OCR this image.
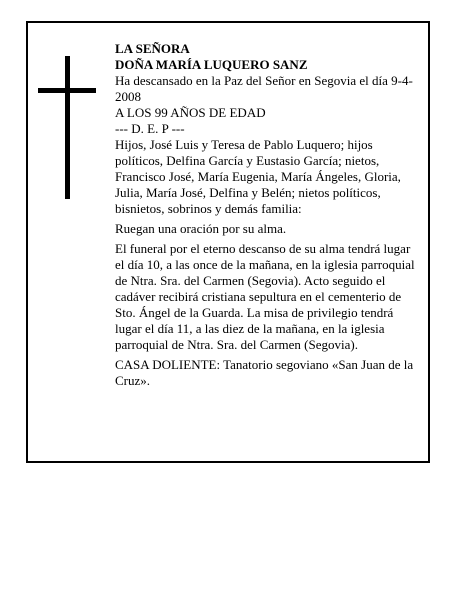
LA SEÑORA

DOÑA MARÍA LUQUERO SANZ

Ha descansado en la Paz del Señor en Segovia el día 9-4-2008

A LOS 99 AÑOS DE EDAD

--- D. E. P ---

Hijos, José Luis y Teresa de Pablo Luquero; hijos políticos, Delfina García y Eustasio García; nietos, Francisco José, María Eugenia, María Ángeles, Gloria, Julia, María José, Delfina y Belén; nietos políticos, bisnietos, sobrinos y demás familia:

Ruegan una oración por su alma.

El funeral por el eterno descanso de su alma tendrá lugar el día 10, a las once de la mañana, en la iglesia parroquial de Ntra. Sra. del Carmen (Segovia). Acto seguido el cadáver recibirá cristiana sepultura en el cementerio de Sto. Ángel de la Guarda. La misa de privilegio tendrá lugar el día 11, a las diez de la mañana, en la iglesia parroquial de Ntra. Sra. del Carmen (Segovia).

CASA DOLIENTE: Tanatorio segoviano «San Juan de la Cruz».
